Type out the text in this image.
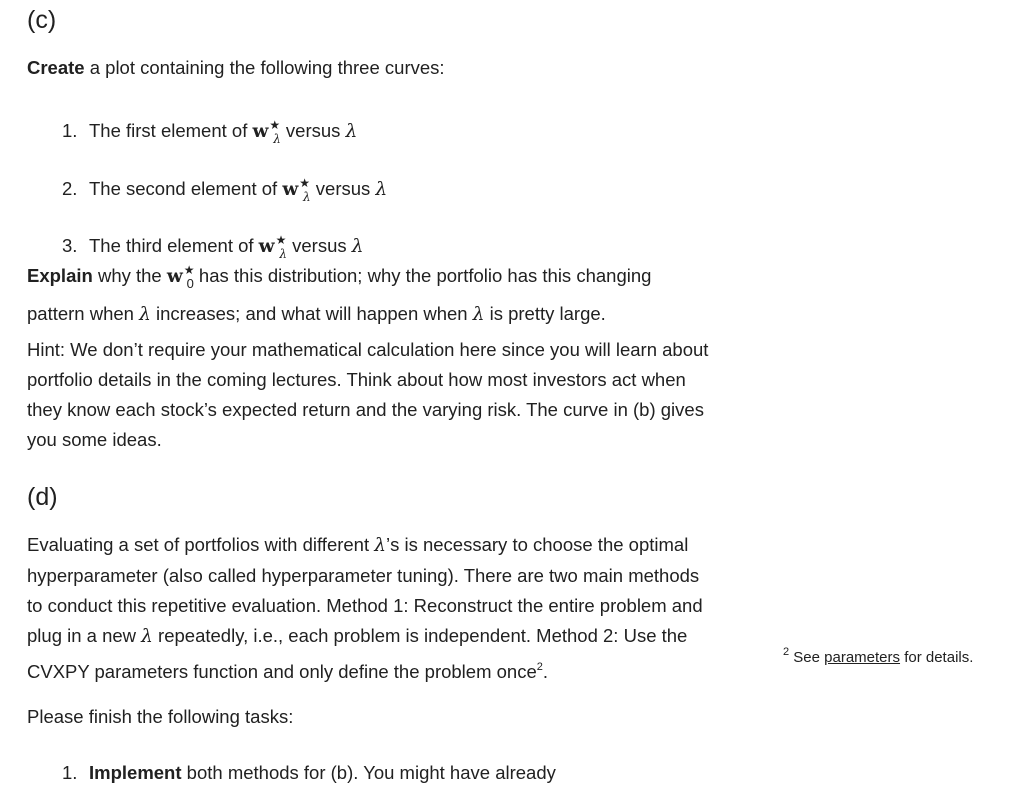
(c)

Create a plot containing the following three curves:

1. The first element of $w^★_\lambda$ versus λ
2. The second element of $w^★_\lambda$ versus λ
3. The third element of $w^★_\lambda$ versus λ

Explain why the $w^★_0$ has this distribution; why the portfolio has this changing
pattern when λ increases; and what will happen when λ is pretty large.

Hint: We don’t require your mathematical calculation here since you will learn about portfolio details in the coming lectures. Think about how most investors act when they know each stock’s expected return and the varying risk. The curve in (b) gives you some ideas.

(d)

Evaluating a set of portfolios with different λ’s is necessary to choose the optimal hyperparameter (also called hyperparameter tuning). There are two main methods to conduct this repetitive evaluation. Method 1: Reconstruct the entire problem and plug in a new λ repeatedly, i.e., each problem is independent. Method 2: Use the CVXPY parameters function and only define the problem once$^2$.

Please finish the following tasks:

1. Implement both methods for (b). You might have already

$^2$ See parameters for details.
